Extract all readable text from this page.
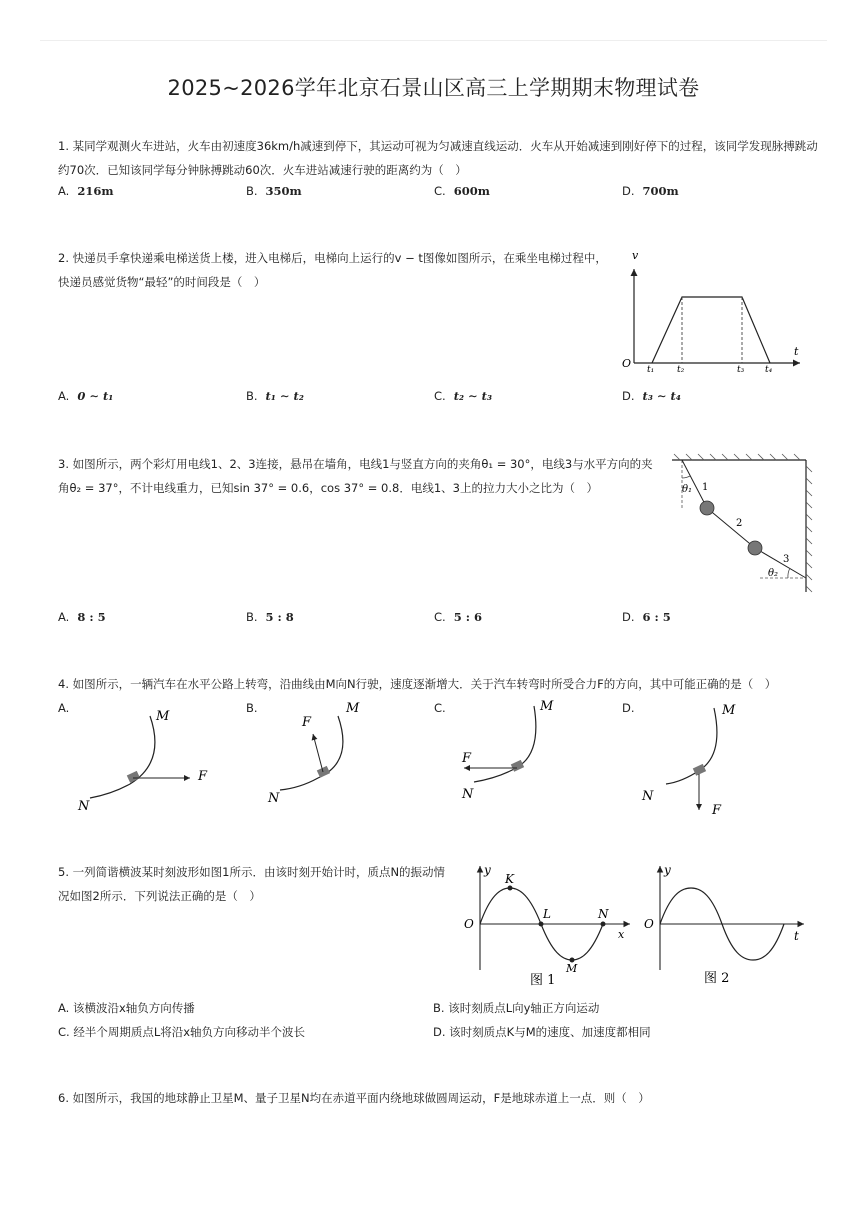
2025~2026学年北京石景山区高三上学期期末物理试卷

1. 某同学观测火车进站，火车由初速度36km/h减速到停下，其运动可视为匀减速直线运动．火车从开始减速到刚好停下的过程，该同学发现脉搏跳动约70次．已知该同学每分钟脉搏跳动60次．火车进站减速行驶的距离约为（　）

A. 216m	B. 350m	C. 600m	D. 700m

2. 快递员手拿快递乘电梯送货上楼，进入电梯后，电梯向上运行的v − t图像如图所示，在乘坐电梯过程中，

快递员感觉货物“最轻”的时间段是（　）

v
t
O t₁	t₂	t₃ t₄
A. 0 ∼ t₁	B. t₁ ∼ t₂	C. t₂ ∼ t₃	D. t₃ ∼ t₄

3. 如图所示，两个彩灯用电线1、2、3连接，悬吊在墙角，电线1与竖直方向的夹角θ₁ = 30°，电线3与水平方向的夹

角θ₂ = 37°，不计电线重力，已知sin 37° = 0.6，cos 37° = 0.8．电线1、3上的拉力大小之比为（　）	θ₁
θ₂
1
2
3
A. 8 : 5	B. 5 : 8	C. 5 : 6	D. 6 : 5

4. 如图所示，一辆汽车在水平公路上转弯，沿曲线由M向N行驶，速度逐渐增大．关于汽车转弯时所受合力F的方向，其中可能正确的是（　）

A.
M
N
F
B.	M
N
F
C.	M
N
F
D.	M
N
F

5. 一列简谐横波某时刻波形如图1所示．由该时刻开始计时，质点N的振动情

况如图2所示．下列说法正确的是（　）

y
x
O
K
L
M
N
图 1
y
t
O
图 2
A. 该横波沿x轴负方向传播	B. 该时刻质点L向y轴正方向运动
C. 经半个周期质点L将沿x轴负方向移动半个波长	D. 该时刻质点K与M的速度、加速度都相同

6. 如图所示，我国的地球静止卫星M、量子卫星N均在赤道平面内绕地球做圆周运动，F是地球赤道上一点．则（　）
